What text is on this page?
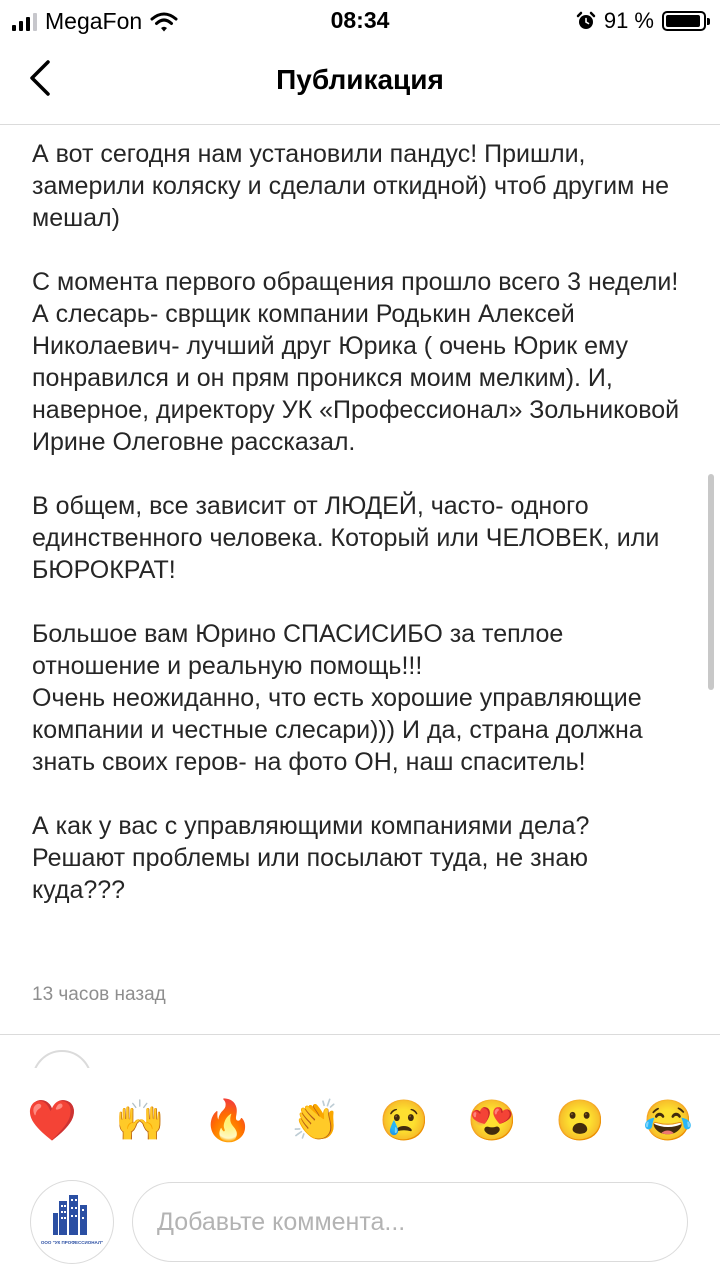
MegaFon	08:34	91 %
Публикация

А вот сегодня нам установили пандус! Пришли, замерили коляску и сделали откидной) чтоб другим не мешал)

С момента первого обращения прошло всего 3 недели! А слесарь- сврщик компании Родькин Алексей Николаевич- лучший друг Юрика ( очень Юрик ему понравился и он прям проникся моим мелким). И, наверное, директору УК «Профессионал» Зольниковой Ирине Олеговне рассказал.

В общем, все зависит от ЛЮДЕЙ, часто- одного единственного человека. Который или ЧЕЛОВЕК, или БЮРОКРАТ!

Большое вам Юрино СПАСИСИБО за теплое отношение и реальную помощь!!!
Очень неожиданно, что есть хорошие управляющие компании и честные слесари))) И да, страна должна знать своих геров- на фото ОН, наш спаситель!

А как у вас с управляющими компаниями дела? Решают проблемы или посылают туда, не знаю куда???

13 часов назад
❤️ 🙌 🔥 👏 😢 😍 😮 😂
ООО "УК ПРОФЕССИОНАЛ"
Добавьте коммента...
